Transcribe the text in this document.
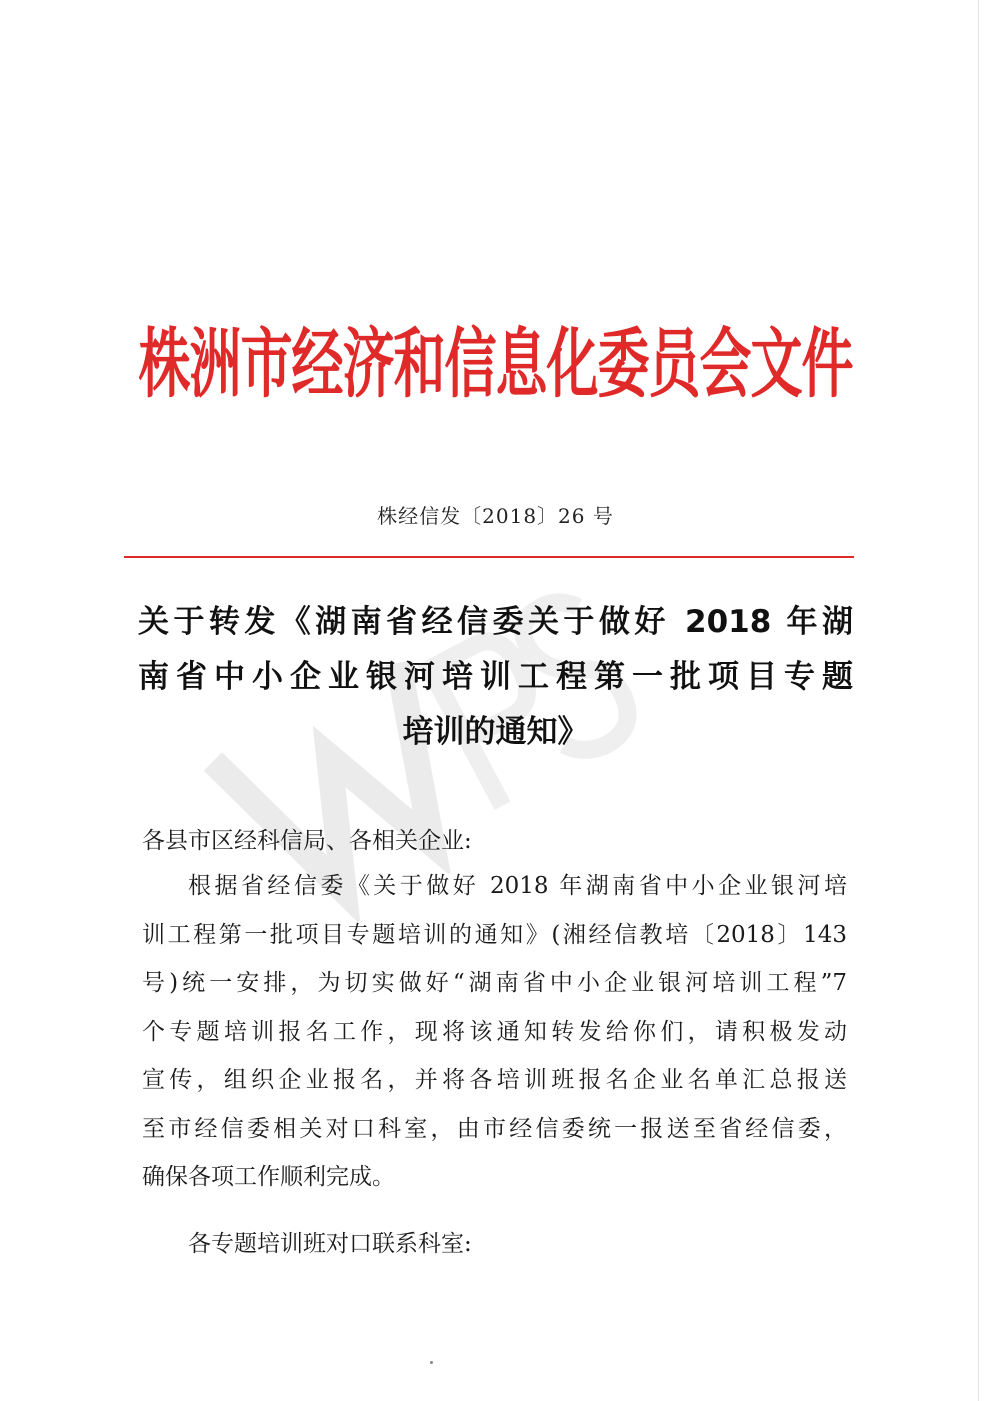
株洲市经济和信息化委员会文件
株经信发〔2018〕26 号
关于转发《湖南省经信委关于做好 2018 年湖
南省中小企业银河培训工程第一批项目专题
培训的通知》
各县市区经科信局、各相关企业:
根据省经信委《关于做好 2018 年湖南省中小企业银河培
训工程第一批项目专题培训的通知》(湘经信教培〔2018〕143
号)统一安排，为切实做好“湖南省中小企业银河培训工程”7
个专题培训报名工作，现将该通知转发给你们，请积极发动
宣传，组织企业报名，并将各培训班报名企业名单汇总报送
至市经信委相关对口科室，由市经信委统一报送至省经信委，
确保各项工作顺利完成。
各专题培训班对口联系科室:
